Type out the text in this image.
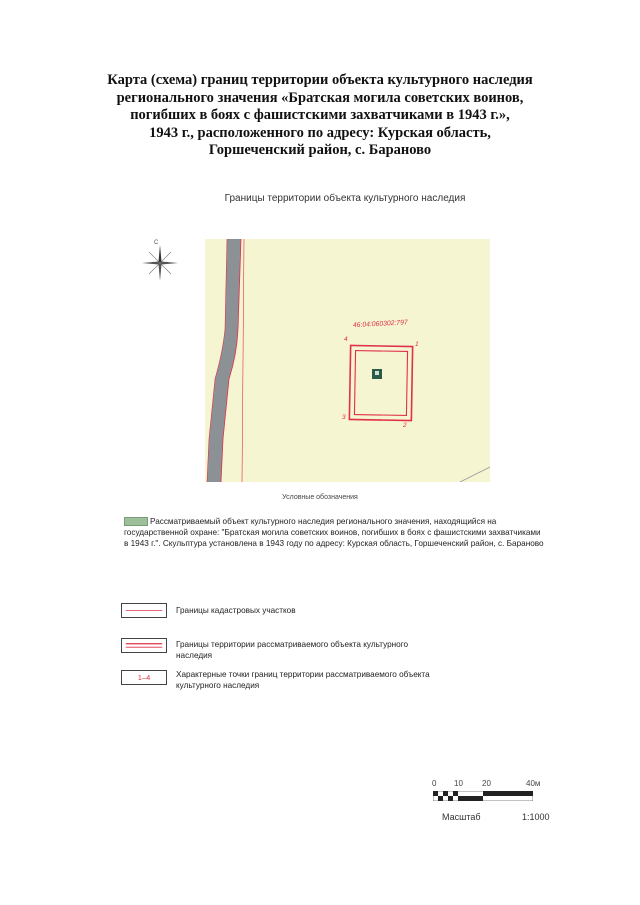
Карта (схема) границ территории объекта культурного наследия
регионального значения «Братская могила советских воинов,
погибших в боях с фашистскими захватчиками в 1943 г.»,
1943 г., расположенного по адресу: Курская область,
Горшеченский район, с. Бараново
Границы территории объекта культурного наследия
С
46:04:060302:797
1
2
3
4
Условные обозначения
Рассматриваемый объект культурного наследия регионального значения, находящийся на государственной охране: "Братская могила советских воинов, погибших в боях с фашистскими захватчиками в 1943 г.". Скульптура установлена в 1943 году по адресу: Курская область, Горшеченский район, с. Бараново
Границы кадастровых участков
Границы территории рассматриваемого объекта культурного наследия
1–4	Характерные точки границ территории рассматриваемого объекта культурного наследия
0 10 20	40м
Масштаб	1:1000
